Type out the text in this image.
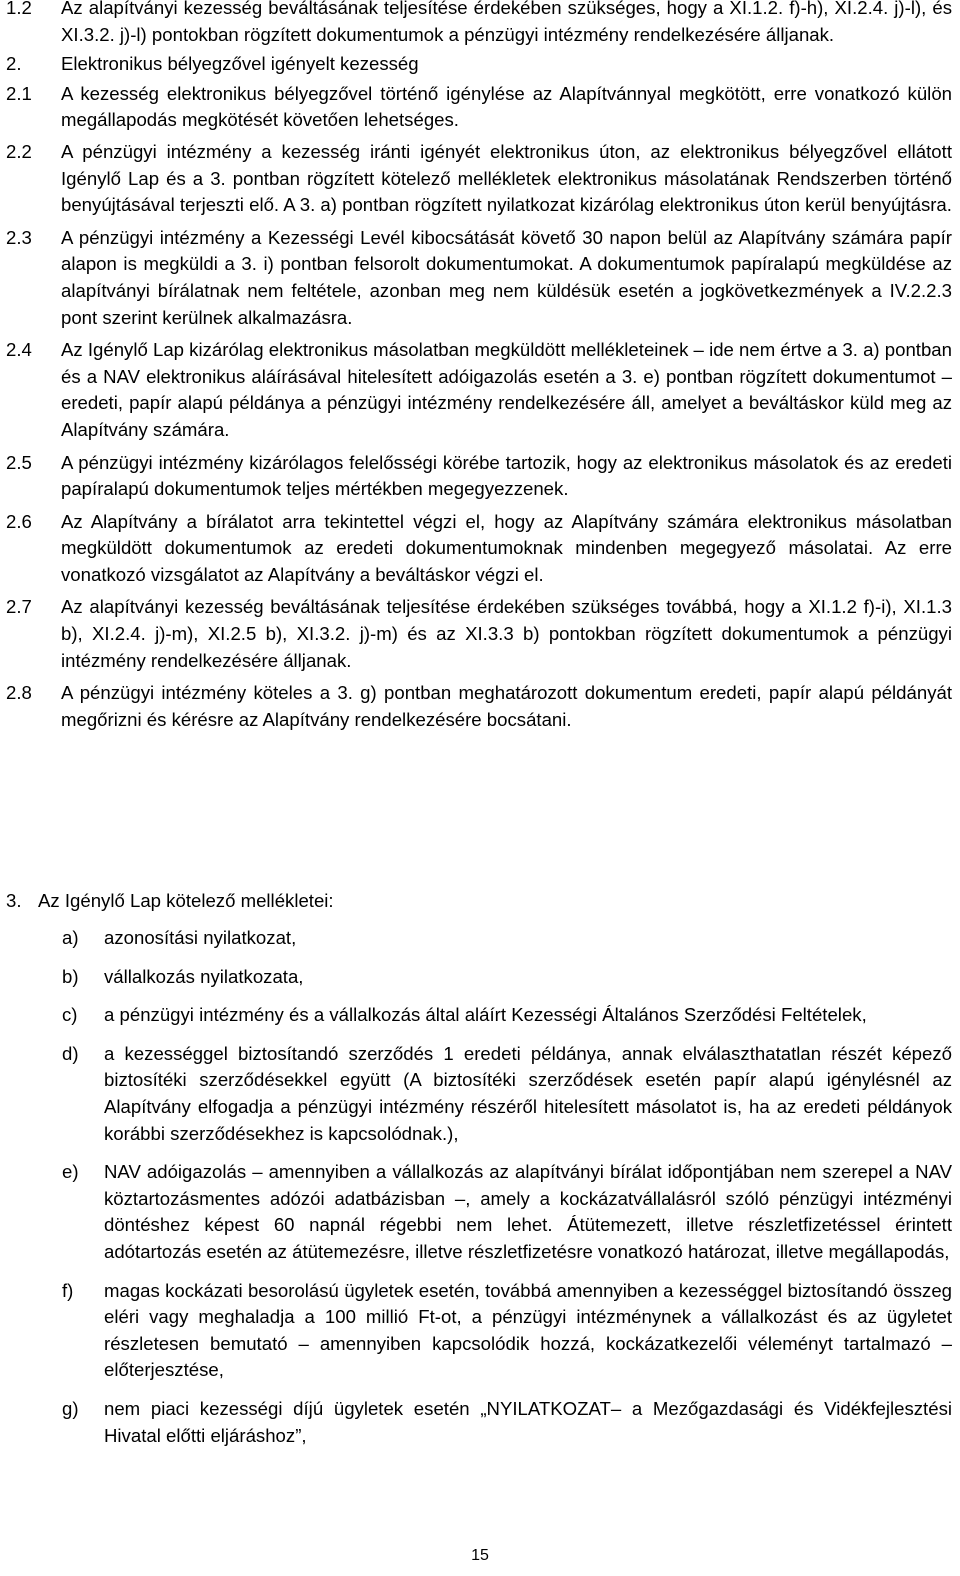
1.2	Az alapítványi kezesség beváltásának teljesítése érdekében szükséges, hogy a XI.1.2. f)-h), XI.2.4. j)-l), és XI.3.2. j)-l) pontokban rögzített dokumentumok a pénzügyi intézmény rendelkezésére álljanak.
2.	Elektronikus bélyegzővel igényelt kezesség
2.1	A kezesség elektronikus bélyegzővel történő igénylése az Alapítvánnyal megkötött, erre vonatkozó külön megállapodás megkötését követően lehetséges.
2.2	A pénzügyi intézmény a kezesség iránti igényét elektronikus úton, az elektronikus bélyegzővel ellátott Igénylő Lap és a 3. pontban rögzített kötelező mellékletek elektronikus másolatának Rendszerben történő benyújtásával terjeszti elő. A 3. a) pontban rögzített nyilatkozat kizárólag elektronikus úton kerül benyújtásra.
2.3	A pénzügyi intézmény a Kezességi Levél kibocsátását követő 30 napon belül az Alapítvány számára papír alapon is megküldi a 3. i) pontban felsorolt dokumentumokat. A dokumentumok papíralapú megküldése az alapítványi bírálatnak nem feltétele, azonban meg nem küldésük esetén a jogkövetkezmények a IV.2.2.3 pont szerint kerülnek alkalmazásra.
2.4	Az Igénylő Lap kizárólag elektronikus másolatban megküldött mellékleteinek – ide nem értve a 3. a) pontban és a NAV elektronikus aláírásával hitelesített adóigazolás esetén a 3. e) pontban rögzített dokumentumot – eredeti, papír alapú példánya a pénzügyi intézmény rendelkezésére áll, amelyet a beváltáskor küld meg az Alapítvány számára.
2.5	A pénzügyi intézmény kizárólagos felelősségi körébe tartozik, hogy az elektronikus másolatok és az eredeti papíralapú dokumentumok teljes mértékben megegyezzenek.
2.6	Az Alapítvány a bírálatot arra tekintettel végzi el, hogy az Alapítvány számára elektronikus másolatban megküldött dokumentumok az eredeti dokumentumoknak mindenben megegyező másolatai. Az erre vonatkozó vizsgálatot az Alapítvány a beváltáskor végzi el.
2.7	Az alapítványi kezesség beváltásának teljesítése érdekében szükséges továbbá, hogy a XI.1.2 f)-i), XI.1.3 b), XI.2.4. j)-m), XI.2.5 b), XI.3.2. j)-m) és az XI.3.3 b) pontokban rögzített dokumentumok a pénzügyi intézmény rendelkezésére álljanak.
2.8	A pénzügyi intézmény köteles a 3. g) pontban meghatározott dokumentum eredeti, papír alapú példányát megőrizni és kérésre az Alapítvány rendelkezésére bocsátani.
3. Az Igénylő Lap kötelező mellékletei:
a)	azonosítási nyilatkozat,
b)	vállalkozás nyilatkozata,
c)	a pénzügyi intézmény és a vállalkozás által aláírt Kezességi Általános Szerződési Feltételek,
d)	a kezességgel biztosítandó szerződés 1 eredeti példánya, annak elválaszthatatlan részét képező biztosítéki szerződésekkel együtt (A biztosítéki szerződések esetén papír alapú igénylésnél az Alapítvány elfogadja a pénzügyi intézmény részéről hitelesített másolatot is, ha az eredeti példányok korábbi szerződésekhez is kapcsolódnak.),
e)	NAV adóigazolás – amennyiben a vállalkozás az alapítványi bírálat időpontjában nem szerepel a NAV köztartozásmentes adózói adatbázisban –, amely a kockázatvállalásról szóló pénzügyi intézményi döntéshez képest 60 napnál régebbi nem lehet. Átütemezett, illetve részletfizetéssel érintett adótartozás esetén az átütemezésre, illetve részletfizetésre vonatkozó határozat, illetve megállapodás,
f)	magas kockázati besorolású ügyletek esetén, továbbá amennyiben a kezességgel biztosítandó összeg eléri vagy meghaladja a 100 millió Ft-ot, a pénzügyi intézménynek a vállalkozást és az ügyletet részletesen bemutató – amennyiben kapcsolódik hozzá, kockázatkezelői véleményt tartalmazó –előterjesztése,
g)	nem piaci kezességi díjú ügyletek esetén „NYILATKOZAT– a Mezőgazdasági és Vidékfejlesztési Hivatal előtti eljáráshoz”,
15
